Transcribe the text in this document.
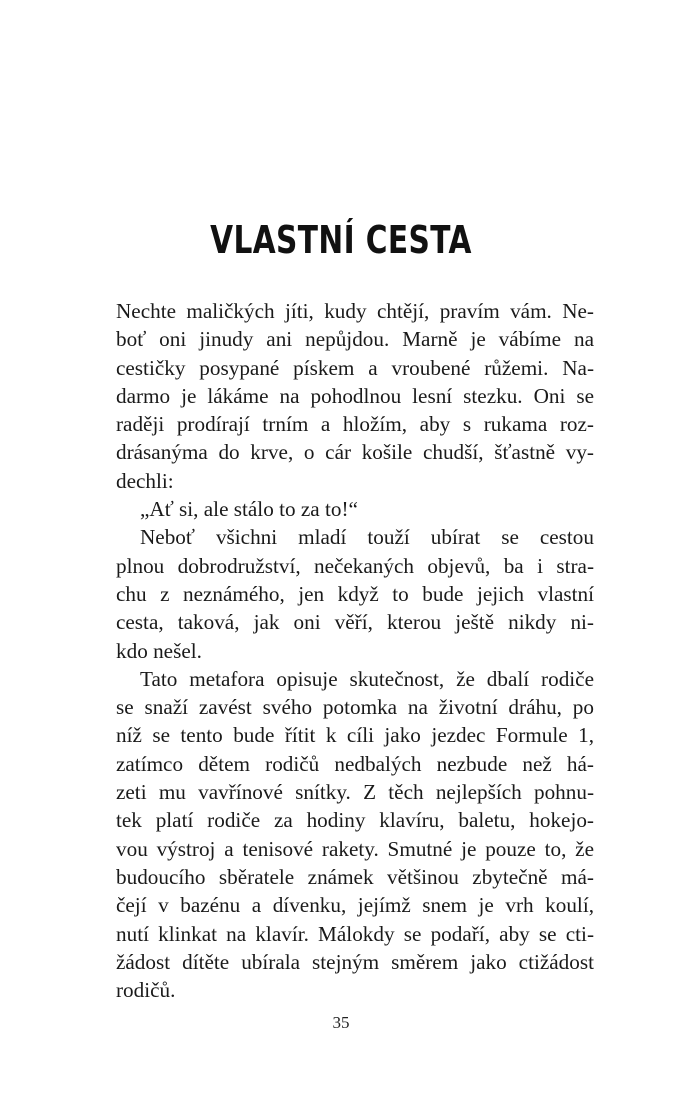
VLASTNÍ CESTA
Nechte maličkých jíti, kudy chtějí, pravím vám. Ne-
boť oni jinudy ani nepůjdou. Marně je vábíme na
cestičky posypané pískem a vroubené růžemi. Na-
darmo je lákáme na pohodlnou lesní stezku. Oni se
raději prodírají trním a hložím, aby s rukama roz-
drásanýma do krve, o cár košile chudší, šťastně vy-
dechli:
„Ať si, ale stálo to za to!“
Neboť všichni mladí touží ubírat se cestou
plnou dobrodružství, nečekaných objevů, ba i stra-
chu z neznámého, jen když to bude jejich vlastní
cesta, taková, jak oni věří, kterou ještě nikdy ni-
kdo nešel.
Tato metafora opisuje skutečnost, že dbalí rodiče
se snaží zavést svého potomka na životní dráhu, po
níž se tento bude řítit k cíli jako jezdec Formule 1,
zatímco dětem rodičů nedbalých nezbude než há-
zeti mu vavřínové snítky. Z těch nejlepších pohnu-
tek platí rodiče za hodiny klavíru, baletu, hokejo-
vou výstroj a tenisové rakety. Smutné je pouze to, že
budoucího sběratele známek většinou zbytečně má-
čejí v bazénu a dívenku, jejímž snem je vrh koulí,
nutí klinkat na klavír. Málokdy se podaří, aby se cti-
žádost dítěte ubírala stejným směrem jako ctižádost
rodičů.
35
